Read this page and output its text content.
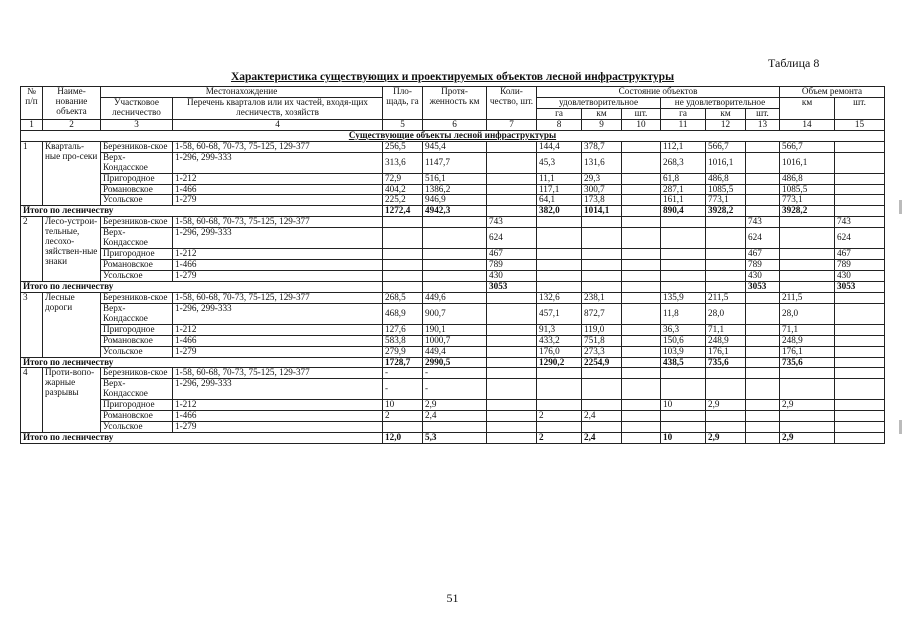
Таблица 8
Характеристика существующих и проектируемых объектов лесной инфраструктуры
№ п/п	Наиме-нование объекта	Местонахождение		Пло-щадь, га	Протя-женность км	Коли-чество, шт.	Состояние объектов						Объем ремонта	
		Участковое лесничество	Перечень кварталов или их частей, входя-щих лесничеств, хозяйств				удовлетворительное			не удовлетворительное			км	шт.
							га	км	шт.	га	км	шт.		
1	2	3	4	5	6	7	8	9	10	11	12	13	14	15
Существующие объекты лесной инфраструктуры														
1	Кварталь-ные про-секи	Березников-ское	1-58, 60-68, 70-73, 75-125, 129-377	256,5	945,4		144,4	378,7		112,1	566,7		566,7	
		Верх-Кондасское	1-296, 299-333	313,6	1147,7		45,3	131,6		268,3	1016,1		1016,1	
		Пригородное	1-212	72,9	516,1		11,1	29,3		61,8	486,8		486,8	
		Романовское	1-466	404,2	1386,2		117,1	300,7		287,1	1085,5		1085,5	
		Усольское	1-279	225,2	946,9		64,1	173,8		161,1	773,1		773,1	
Итого по лесничеству				1272,4	4942,3		382,0	1014,1		890,4	3928,2		3928,2	
2	Лесо-устрои-тельные, лесохо-зяйствен-ные знаки	Березников-ское	1-58, 60-68, 70-73, 75-125, 129-377			743						743		743
		Верх-Кондасское	1-296, 299-333			624						624		624
		Пригородное	1-212			467						467		467
		Романовское	1-466			789						789		789
		Усольское	1-279			430						430		430
Итого по лесничеству						3053						3053		3053
3	Лесные дороги	Березников-ское	1-58, 60-68, 70-73, 75-125, 129-377	268,5	449,6		132,6	238,1		135,9	211,5		211,5	
		Верх-Кондасское	1-296, 299-333	468,9	900,7		457,1	872,7		11,8	28,0		28,0	
		Пригородное	1-212	127,6	190,1		91,3	119,0		36,3	71,1		71,1	
		Романовское	1-466	583,8	1000,7		433,2	751,8		150,6	248,9		248,9	
		Усольское	1-279	279,9	449,4		176,0	273,3		103,9	176,1		176,1	
Итого по лесничеству				1728,7	2990,5		1290,2	2254,9		438,5	735,6		735,6	
4	Проти-вопо-жарные разрывы	Березников-ское	1-58, 60-68, 70-73, 75-125, 129-377	-	-									
		Верх-Кондасское	1-296, 299-333	-	-									
		Пригородное	1-212	10	2,9					10	2,9		2,9	
		Романовское	1-466	2	2,4		2	2,4						
		Усольское	1-279											
Итого по лесничеству				12,0	5,3		2	2,4		10	2,9		2,9	
51
